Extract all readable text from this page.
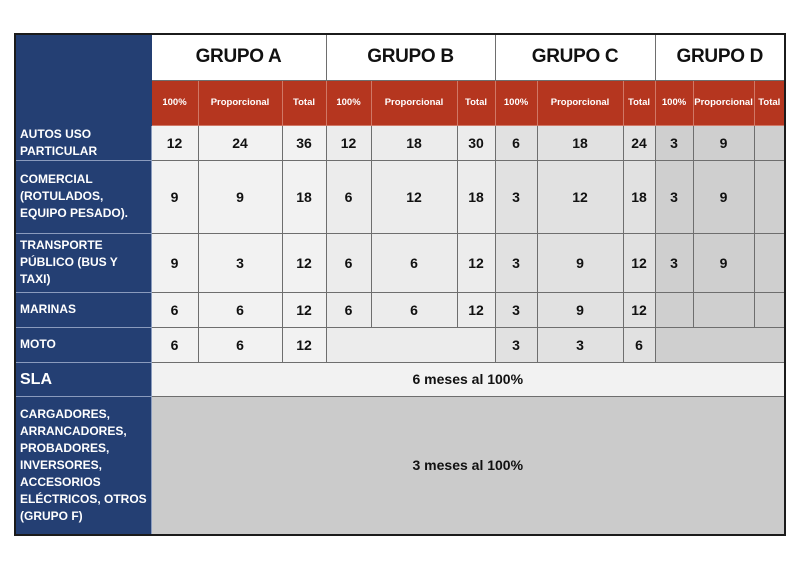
	GRUPO A			GRUPO B			GRUPO C			GRUPO D		
	100%	Proporcional	Total	100%	Proporcional	Total	100%	Proporcional	Total	100%	Proporcional	Total
AUTOS USO PARTICULAR	12	24	36	12	18	30	6	18	24	3	9	
COMERCIAL (ROTULADOS, EQUIPO PESADO).	9	9	18	6	12	18	3	12	18	3	9	
TRANSPORTE PÚBLICO (BUS Y TAXI)	9	3	12	6	6	12	3	9	12	3	9	
MARINAS	6	6	12	6	6	12	3	9	12			
MOTO	6	6	12				3	3	6			
SLA	6 meses al 100%											
CARGADORES, ARRANCADORES, PROBADORES, INVERSORES, ACCESORIOS ELÉCTRICOS, OTROS (GRUPO F)	3 meses al 100%											
